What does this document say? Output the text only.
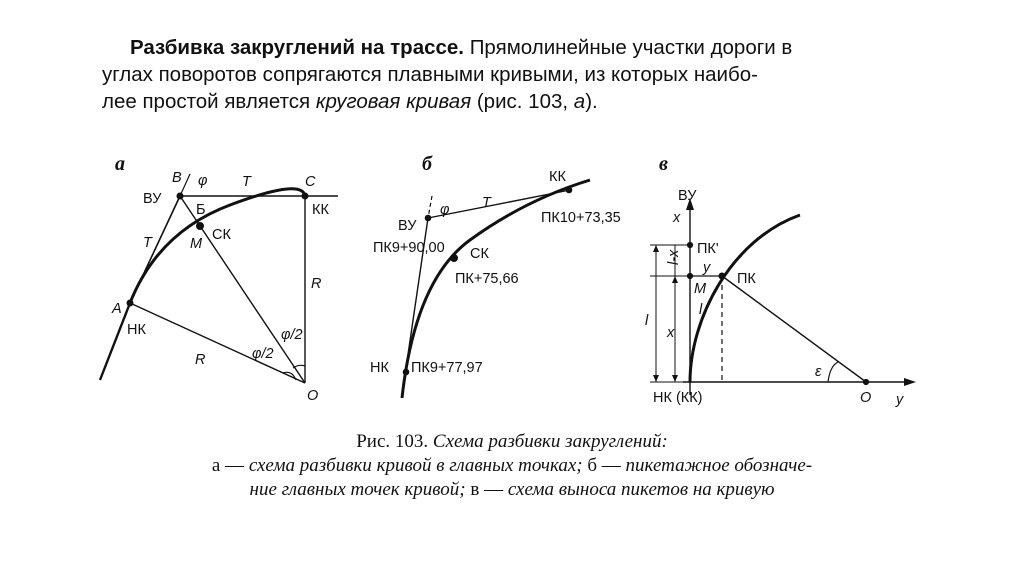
Разбивка закруглений на трассе. Прямолинейные участки дороги в
углах поворотов сопрягаются плавными кривыми, из которых наибо-
лее простой является круговая кривая (рис. 103, а).

а
ВУ
B φ T	C
Б	КК
T	M
СК
R
A
НК	φ/2
φ/2
R
O
б
КК
ВУ
φ T
ПК10+73,35
ПК9+90,00 СК
ПК+75,66
НК ПК9+77,97
в
ВУ
x
ПК'
l-x
y
ПК
M
l
l
x
ε
НК (КК)	O y
Рис. 103. Схема разбивки закруглений:
а — схема разбивки кривой в главных точках; б — пикетажное обозначе-
ние главных точек кривой; в — схема выноса пикетов на кривую
